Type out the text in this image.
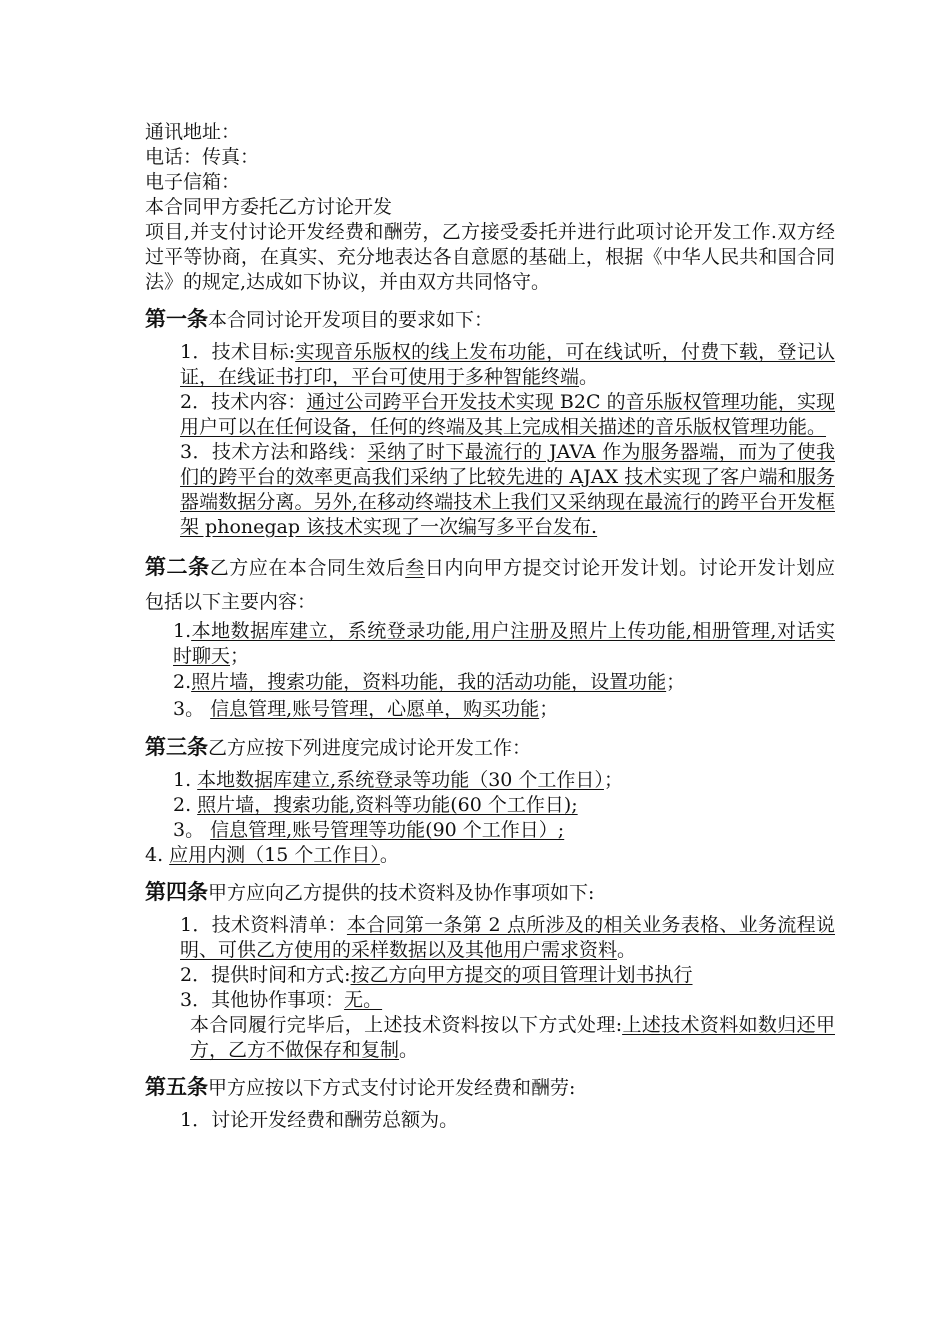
通讯地址：

电话：传真：

电子信箱：

本合同甲方委托乙方讨论开发

项目,并支付讨论开发经费和酬劳，乙方接受委托并进行此项讨论开发工作.双方经过平等协商，在真实、充分地表达各自意愿的基础上，根据《中华人民共和国合同法》的规定,达成如下协议，并由双方共同恪守。

第一条本合同讨论开发项目的要求如下：

1．技术目标:实现音乐版权的线上发布功能，可在线试听，付费下载，登记认证，在线证书打印，平台可使用于多种智能终端。

2．技术内容：通过公司跨平台开发技术实现 B2C 的音乐版权管理功能，实现用户可以在任何设备，任何的终端及其上完成相关描述的音乐版权管理功能。

3．技术方法和路线：采纳了时下最流行的 JAVA 作为服务器端，而为了使我们的跨平台的效率更高我们采纳了比较先进的 AJAX 技术实现了客户端和服务器端数据分离。另外,在移动终端技术上我们又采纳现在最流行的跨平台开发框架 phonegap 该技术实现了一次编写多平台发布.

第二条乙方应在本合同生效后叁日内向甲方提交讨论开发计划。讨论开发计划应包括以下主要内容：

1.本地数据库建立，系统登录功能,用户注册及照片上传功能,相册管理,对话实时聊天；

2.照片墙，搜索功能，资料功能，我的活动功能，设置功能；

3。 信息管理,账号管理，心愿单，购买功能；

第三条乙方应按下列进度完成讨论开发工作：

1. 本地数据库建立,系统登录等功能（30 个工作日）；

2. 照片墙，搜索功能,资料等功能(60 个工作日);

3。 信息管理,账号管理等功能(90 个工作日）;

4. 应用内测（15 个工作日）。

第四条甲方应向乙方提供的技术资料及协作事项如下:

1．技术资料清单：本合同第一条第 2 点所涉及的相关业务表格、业务流程说明、可供乙方使用的采样数据以及其他用户需求资料。

2．提供时间和方式:按乙方向甲方提交的项目管理计划书执行

3．其他协作事项：无。

本合同履行完毕后，上述技术资料按以下方式处理:上述技术资料如数归还甲方，乙方不做保存和复制。

第五条甲方应按以下方式支付讨论开发经费和酬劳:

1．讨论开发经费和酬劳总额为。
